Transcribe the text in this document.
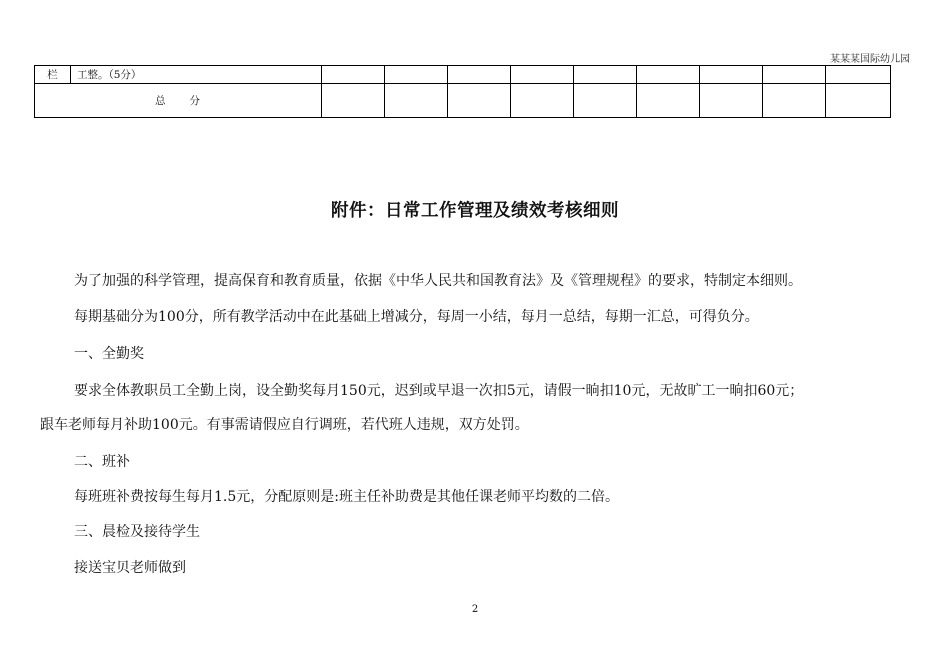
某某某国际幼儿园
栏	工整。（5分）									
总　　分										
附件：日常工作管理及绩效考核细则
为了加强的科学管理，提高保育和教育质量，依据《中华人民共和国教育法》及《管理规程》的要求，特制定本细则。
每期基础分为100分，所有教学活动中在此基础上增减分，每周一小结，每月一总结，每期一汇总，可得负分。
一、全勤奖
要求全体教职员工全勤上岗，设全勤奖每月150元，迟到或早退一次扣5元，请假一晌扣10元，无故旷工一晌扣60元；
跟车老师每月补助100元。有事需请假应自行调班，若代班人违规，双方处罚。
二、班补
每班班补费按每生每月1.5元，分配原则是:班主任补助费是其他任课老师平均数的二倍。
三、晨检及接待学生
接送宝贝老师做到
2
